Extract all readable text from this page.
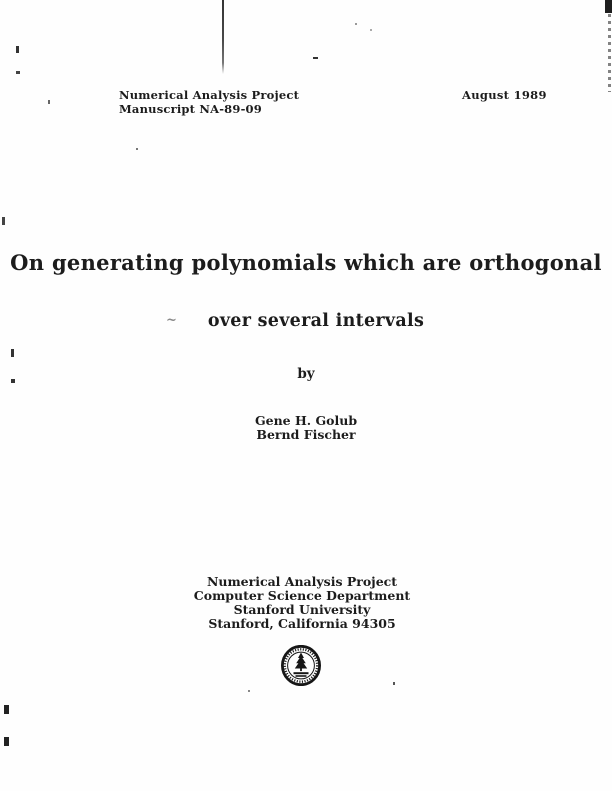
Numerical Analysis Project
Manuscript NA-89-09
August 1989
On generating polynomials which are orthogonal
over several intervals
by
Gene H. Golub
Bernd Fischer
Numerical Analysis Project
Computer Science Department
Stanford University
Stanford, California 94305
~
